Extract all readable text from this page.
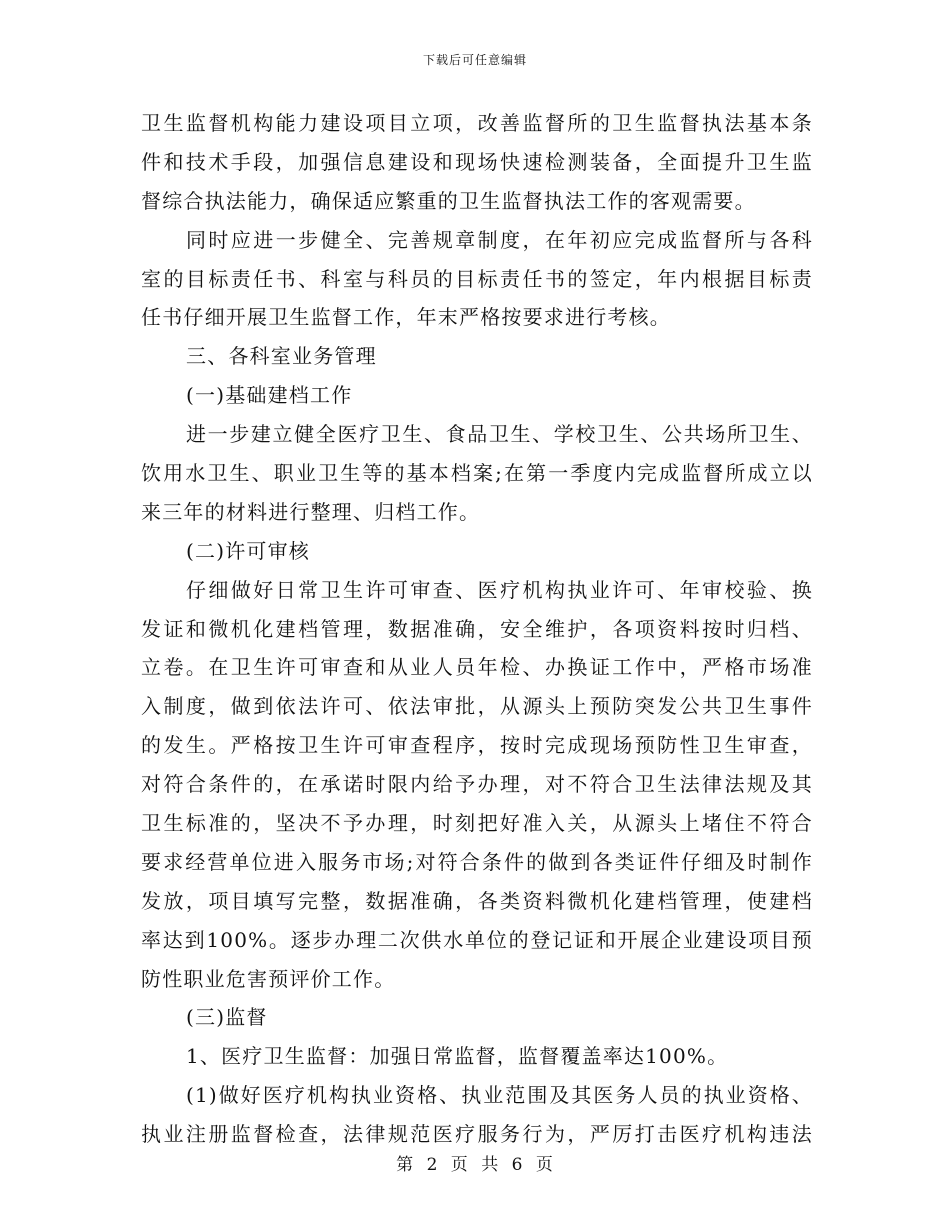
下载后可任意编辑
卫生监督机构能力建设项目立项，改善监督所的卫生监督执法基本条
件和技术手段，加强信息建设和现场快速检测装备，全面提升卫生监
督综合执法能力，确保适应繁重的卫生监督执法工作的客观需要。
同时应进一步健全、完善规章制度，在年初应完成监督所与各科
室的目标责任书、科室与科员的目标责任书的签定，年内根据目标责
任书仔细开展卫生监督工作，年末严格按要求进行考核。
三、各科室业务管理
(一)基础建档工作
进一步建立健全医疗卫生、食品卫生、学校卫生、公共场所卫生、
饮用水卫生、职业卫生等的基本档案;在第一季度内完成监督所成立以
来三年的材料进行整理、归档工作。
(二)许可审核
仔细做好日常卫生许可审查、医疗机构执业许可、年审校验、换
发证和微机化建档管理，数据准确，安全维护，各项资料按时归档、
立卷。在卫生许可审查和从业人员年检、办换证工作中，严格市场准
入制度，做到依法许可、依法审批，从源头上预防突发公共卫生事件
的发生。严格按卫生许可审查程序，按时完成现场预防性卫生审查，
对符合条件的，在承诺时限内给予办理，对不符合卫生法律法规及其
卫生标准的，坚决不予办理，时刻把好准入关，从源头上堵住不符合
要求经营单位进入服务市场;对符合条件的做到各类证件仔细及时制作
发放，项目填写完整，数据准确，各类资料微机化建档管理，使建档
率达到100%。逐步办理二次供水单位的登记证和开展企业建设项目预
防性职业危害预评价工作。
(三)监督
1、医疗卫生监督：加强日常监督，监督覆盖率达100%。
(1)做好医疗机构执业资格、执业范围及其医务人员的执业资格、
执业注册监督检查，法律规范医疗服务行为，严厉打击医疗机构违法
第 2 页 共 6 页
